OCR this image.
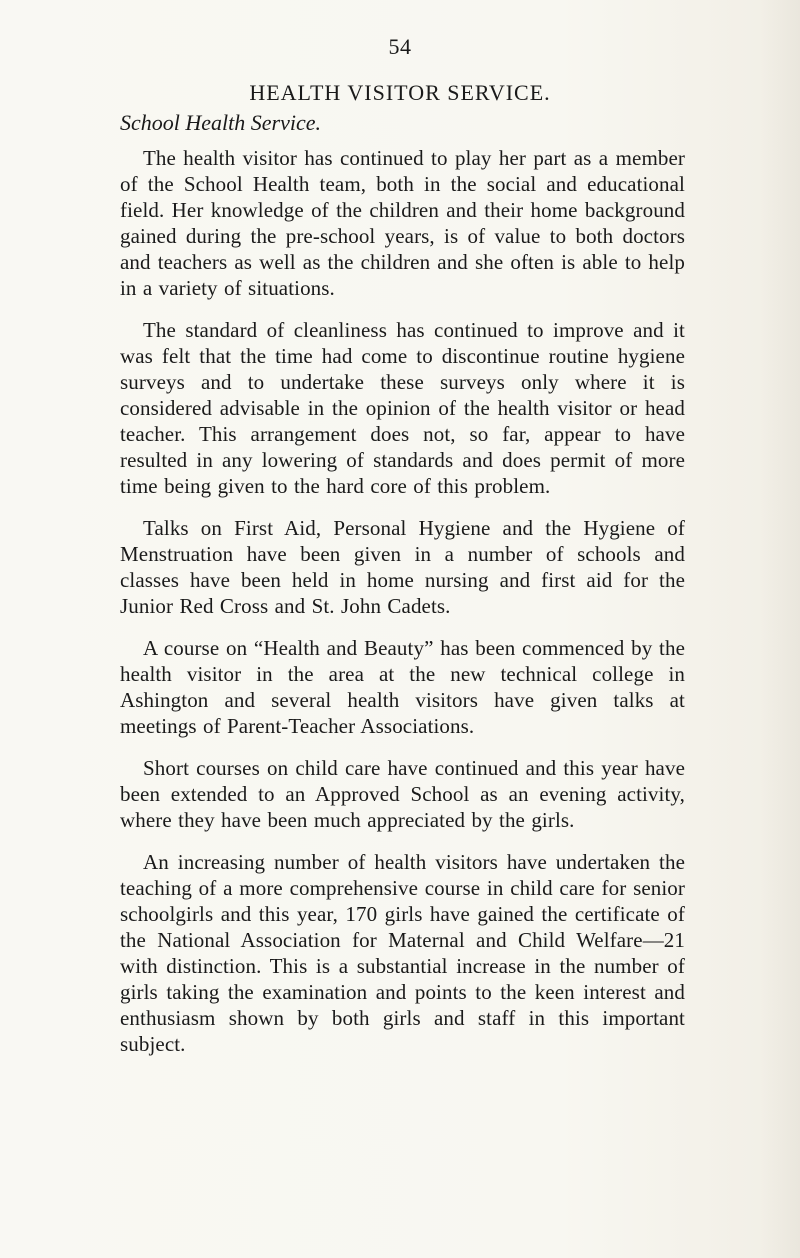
54
HEALTH VISITOR SERVICE.
School Health Service.

The health visitor has continued to play her part as a member of the School Health team, both in the social and educational field. Her knowledge of the children and their home background gained during the pre-school years, is of value to both doctors and teachers as well as the children and she often is able to help in a variety of situations.

The standard of cleanliness has continued to improve and it was felt that the time had come to discontinue routine hygiene surveys and to undertake these surveys only where it is considered advisable in the opinion of the health visitor or head teacher. This arrangement does not, so far, appear to have resulted in any lowering of standards and does permit of more time being given to the hard core of this problem.

Talks on First Aid, Personal Hygiene and the Hygiene of Menstruation have been given in a number of schools and classes have been held in home nursing and first aid for the Junior Red Cross and St. John Cadets.

A course on “Health and Beauty” has been commenced by the health visitor in the area at the new technical college in Ashington and several health visitors have given talks at meetings of Parent-Teacher Associations.

Short courses on child care have continued and this year have been extended to an Approved School as an evening activity, where they have been much appreciated by the girls.

An increasing number of health visitors have undertaken the teaching of a more comprehensive course in child care for senior schoolgirls and this year, 170 girls have gained the certificate of the National Association for Maternal and Child Welfare—21 with distinction. This is a substantial increase in the number of girls taking the examination and points to the keen interest and enthusiasm shown by both girls and staff in this important subject.
